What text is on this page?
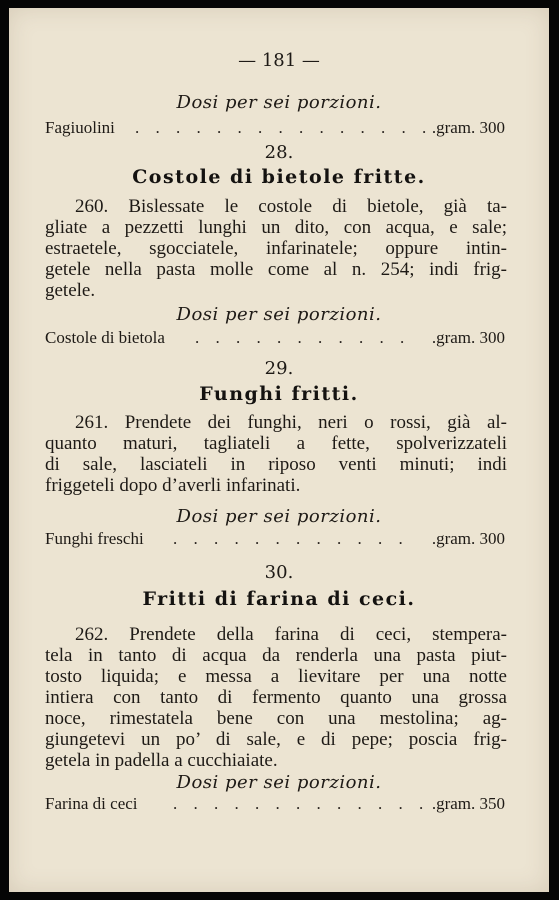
— 181 —
Dosi per sei porzioni.
Fagiuolini . . . . . . . . . . . . . . . .gram. 300
28.
Costole di bietole fritte.
260. Bislessate le costole di bietole, già ta-
gliate a pezzetti lunghi un dito, con acqua, e sale;
estraetele, sgocciatele, infarinatele; oppure intin-
getele nella pasta molle come al n. 254; indi frig-
getele.
Dosi per sei porzioni.
Costole di bietola . . . . . . . . . . . .gram. 300
29.
Funghi fritti.
261. Prendete dei funghi, neri o rossi, già al-
quanto maturi, tagliateli a fette, spolverizzateli
di sale, lasciateli in riposo venti minuti; indi
friggeteli dopo d’averli infarinati.
Dosi per sei porzioni.
Funghi freschi . . . . . . . . . . . . .gram. 300
30.
Fritti di farina di ceci.
262. Prendete della farina di ceci, stempera-
tela in tanto di acqua da renderla una pasta piut-
tosto liquida; e messa a lievitare per una notte
intiera con tanto di fermento quanto una grossa
noce, rimestatela bene con una mestolina; ag-
giungetevi un po’ di sale, e di pepe; poscia frig-
getela in padella a cucchiaiate.
Dosi per sei porzioni.
Farina di ceci . . . . . . . . . . . . . .gram. 350
